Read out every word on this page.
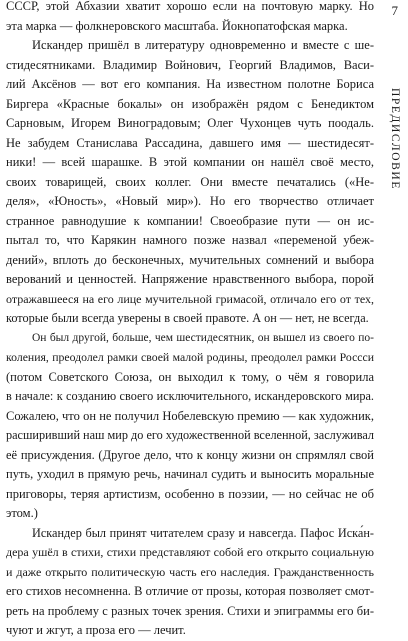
7
ПРЕДИСЛОВИЕ
СССР, этой Абхазии хватит хорошо если на почтовую марку. Но
эта марка — фолкнеровского масштаба. Йокнопатофская марка.
Искандер пришёл в литературу одновременно и вместе с ше-
стидесятниками. Владимир Войнович, Георгий Владимов, Васи-
лий Аксёнов — вот его компания. На известном полотне Бориса
Биргера «Красные бокалы» он изображён рядом с Бенедиктом
Сарновым, Игорем Виноградовым; Олег Чухонцев чуть поодаль.
Не забудем Станислава Рассадина, давшего имя — шестидесят-
ники! — всей шарашке. В этой компании он нашёл своё место,
своих товарищей, своих коллег. Они вместе печатались («Не-
деля», «Юность», «Новый мир»). Но его творчество отличает
странное равнодушие к компании! Своеобразие пути — он ис-
пытал то, что Карякин намного позже назвал «переменой убеж-
дений», вплоть до бесконечных, мучительных сомнений и выбора
верований и ценностей. Напряжение нравственного выбора, порой
отражавшееся на его лице мучительной гримасой, отличало его от тех,
которые были всегда уверены в своей правоте. А он — нет, не всегда.
Он был другой, больше, чем шестидесятник, он вышел из своего по-
коления, преодолел рамки своей малой родины, преодолел рамки Россси
(потом Советского Союза, он выходил к тому, о чём я говорила
в начале: к созданию своего исключительного, искандеровского мира.
Сожалею, что он не получил Нобелевскую премию — как художник,
расширивший наш мир до его художественной вселенной, заслуживал
её присуждения. (Другое дело, что к концу жизни он спрямлял свой
путь, уходил в прямую речь, начинал судить и выносить моральные
приговоры, теряя артистизм, особенно в поэзии, — но сейчас не об
этом.)
Искандер был принят читателем сразу и навсегда. Пафос Иска́н-
дера ушёл в стихи, стихи представляют собой его открыто социальную
и даже открыто политическую часть его наследия. Гражданственность
его стихов несомненна. В отличие от прозы, которая позволяет смот-
реть на проблему с разных точек зрения. Стихи и эпиграммы его би-
чуют и жгут, а проза его — лечит.
